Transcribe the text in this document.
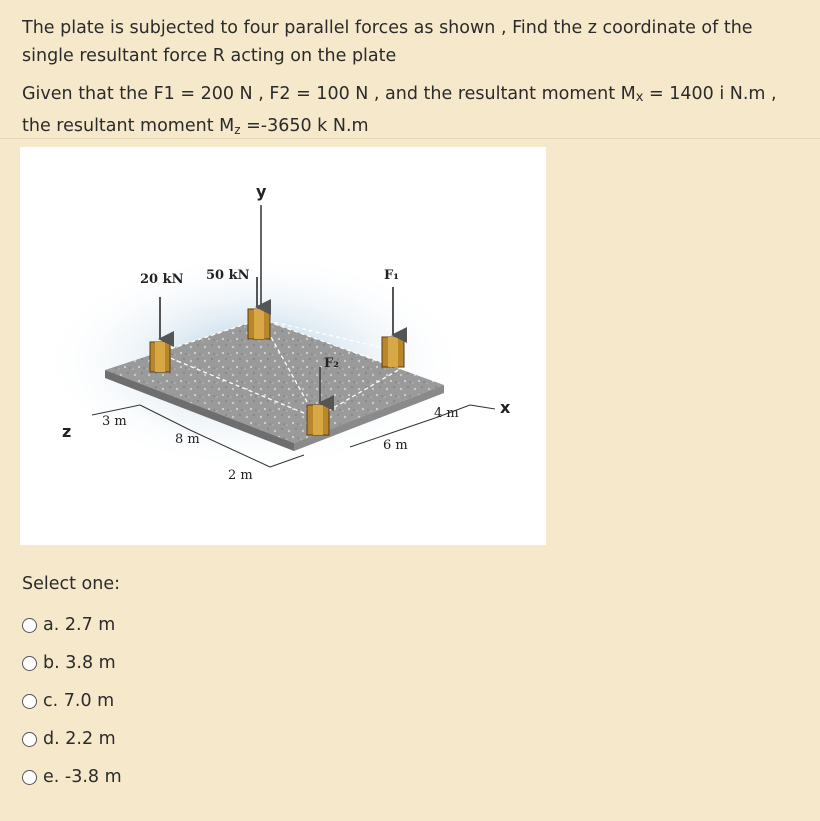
The plate is subjected to four parallel forces as shown , Find the z coordinate of the

single resultant force R acting on the plate

Given that the F1 = 200 N , F2 = 100 N , and the resultant moment Mx = 1400 i N.m ,

the resultant moment $M_z =-3650$ k N.m

y
20 kN 50 kN	F₁
F₂
z
3 m
8 m
2 m
6 m
4 m	x
Select one:
a.
2.7 m
b.
3.8 m
c.
7.0 m
d.
2.2 m
e.
-3.8 m
